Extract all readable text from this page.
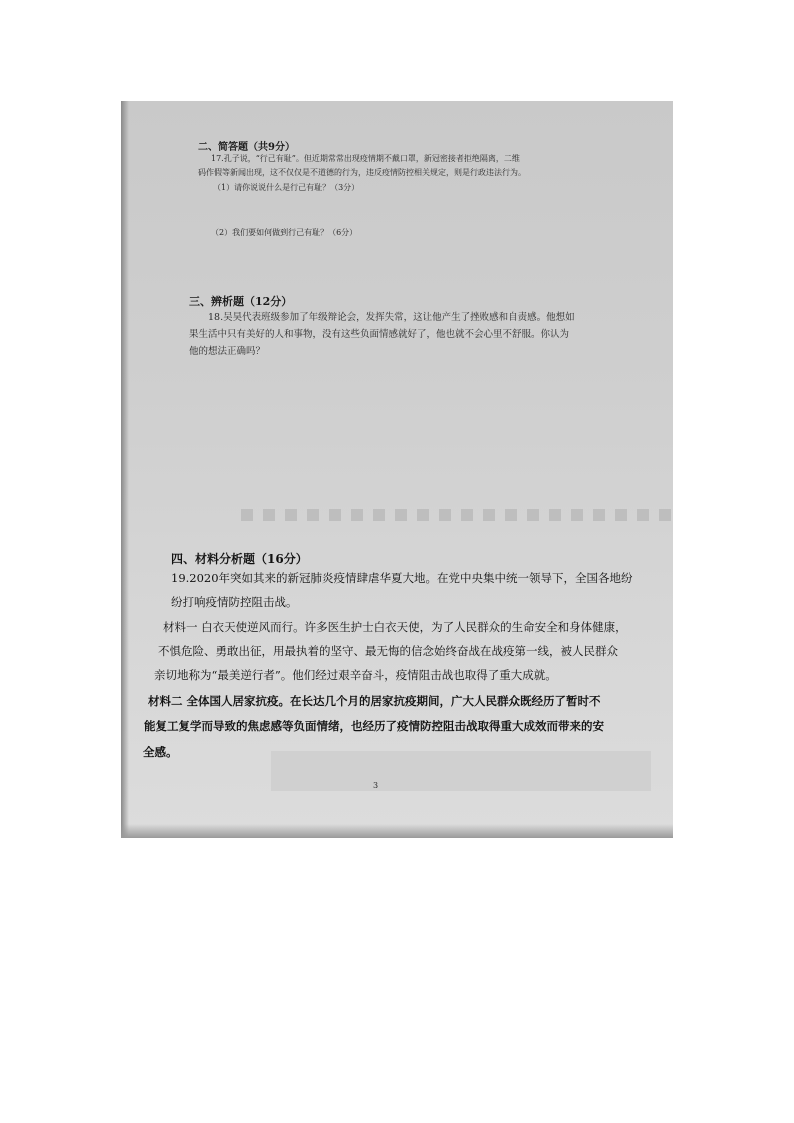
二、简答题（共9分）
17.孔子说，“行己有耻”。但近期常常出现疫情期不戴口罩，新冠密接者拒绝隔离，二维
码作假等新闻出现，这不仅仅是不道德的行为，违反疫情防控相关规定，则是行政违法行为。
（1）请你说说什么是行己有耻？（3分）
（2）我们要如何做到行己有耻？（6分）
三、辨析题（12分）
18.吴昊代表班级参加了年级辩论会，发挥失常，这让他产生了挫败感和自责感。他想如
果生活中只有美好的人和事物，没有这些负面情感就好了，他也就不会心里不舒服。你认为
他的想法正确吗？
四、材料分析题（16分）
19.2020年突如其来的新冠肺炎疫情肆虐华夏大地。在党中央集中统一领导下，全国各地纷
纷打响疫情防控阻击战。
材料一 白衣天使逆风而行。许多医生护士白衣天使，为了人民群众的生命安全和身体健康，
不惧危险、勇敢出征，用最执着的坚守、最无悔的信念始终奋战在战疫第一线，被人民群众
亲切地称为“最美逆行者”。他们经过艰辛奋斗，疫情阻击战也取得了重大成就。
材料二 全体国人居家抗疫。在长达几个月的居家抗疫期间，广大人民群众既经历了暂时不
能复工复学而导致的焦虑感等负面情绪，也经历了疫情防控阻击战取得重大成效而带来的安
全感。
3
